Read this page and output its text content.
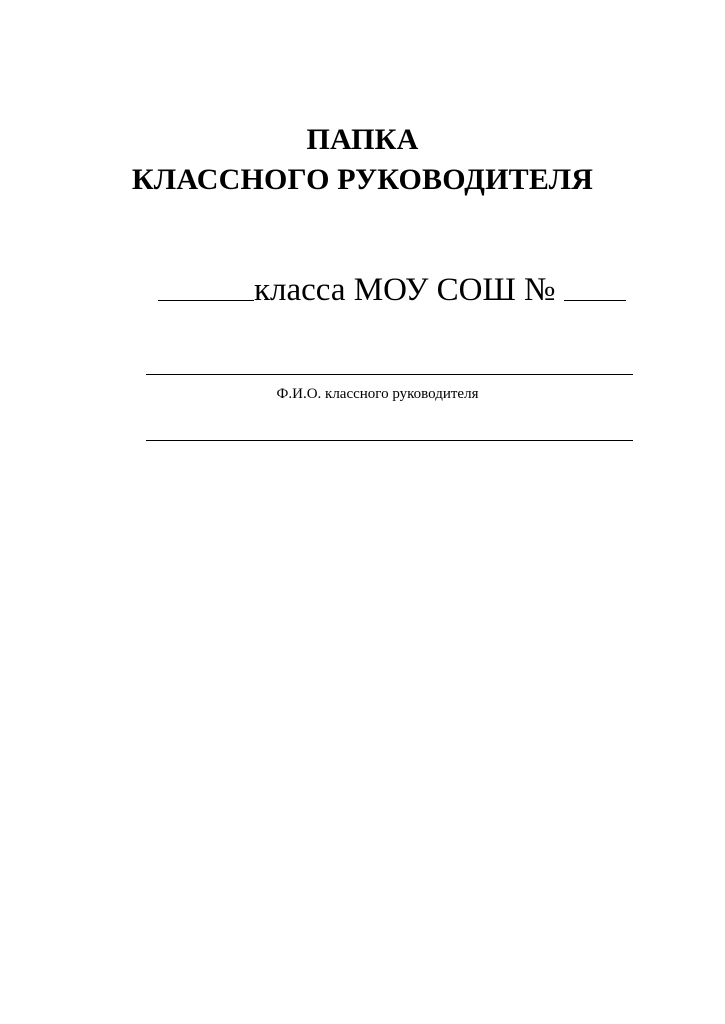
ПАПКА
КЛАССНОГО РУКОВОДИТЕЛЯ
класса МОУ СОШ №
Ф.И.О. классного руководителя
